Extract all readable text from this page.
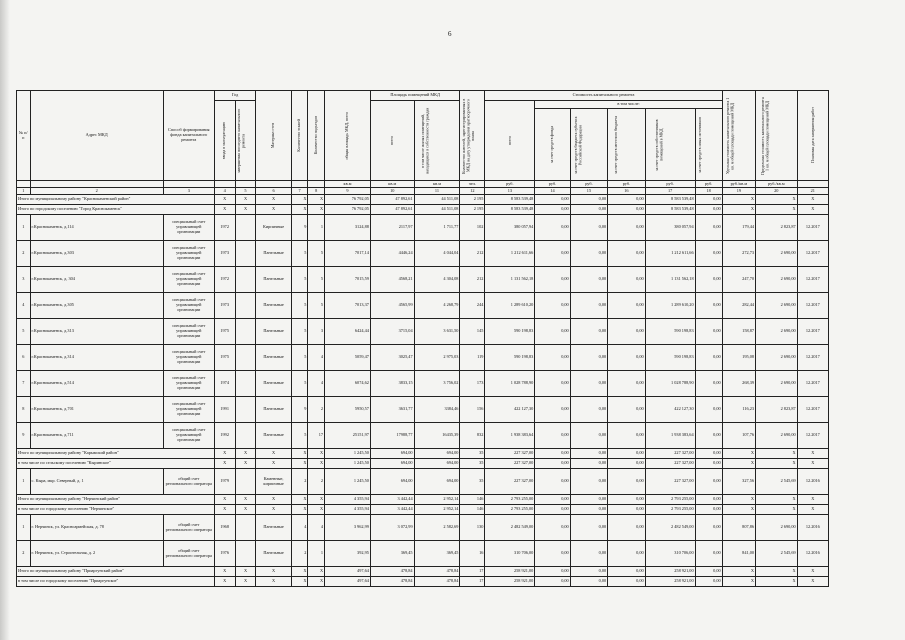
6
№ п/п	Адрес МКД	Способ формирования фонда капитального ремонта	Год		Материал стен	Количество этажей	Количество подъездов	общая площадь МКД, всего	Площадь помещений МКД		Количество жителей, зарегистрированных в МКД на дату утверждения краткосрочного плана	Стоимость капитального ремонта						Удельная стоимость капитального ремонта 1 кв. м общей площади помещений МКД	Предельная стоимость капитального ремонта 1 кв. м общей площади помещений МКД	Плановая дата завершения работ

			ввода в эксплуатацию	завершения последнего капитального ремонта					всего	в том числе жилых помещений, находящихся в собственности граждан		всего	в том числе:							

													за счет средств фонда	за счет средств бюджета субъекта Российской Федерации	за счет средств местного бюджета	за счет средств собственников помещений в МКД	за счет средств иных источников			

								кв.м	кв.м	кв.м	чел.	руб.	руб.	руб.	руб.	руб.	руб.	руб./кв.м	руб./кв.м	
1	2	3	4	5	6	7	8	9	10	11	12	13	14	15	16	17	18	19	20	21
Итого по муниципальному району "Краснокаменский район"			X	X	X	X	X	76 792,05	47 892,61	44 511,08	2 195	8 583 539,48	0,00	0,00	0,00	8 583 539,48	0,00	X	X	X
Итого по городскому поселению "Город Краснокаменск"			X	X	X	X	X	76 792,05	47 892,61	44 511,08	2 195	8 583 539,48	0,00	0,00	0,00	8 583 539,48	0,00	X	X	X
1	г.Краснокаменск, д.114	специальный счет управляющей организации	1972		Кирпичные	9	1	3124,88	2117,97	1 711,77	102	380 057,94	0,00	0,00	0,00	380 057,94	0,00	179,44	2 823,87	12.2017
2	г.Краснокаменск, д.303	специальный счет управляющей организации	1973		Панельные	5	5	7017,14	4446,24	4 044,04	212	1 212 611,66	0,00	0,00	0,00	1 212 611,66	0,00	272,73	2 690,00	12.2017
3	г.Краснокаменск, д. 304	специальный счет управляющей организации	1972		Панельные	5	5	7015,59	4568,21	4 304,08	212	1 131 562,18	0,00	0,00	0,00	1 131 562,18	0,00	247,70	2 690,00	12.2017
4	г.Краснокаменск, д.305	специальный счет управляющей организации	1973		Панельные	5	5	7013,37	4565,99	4 268,79	244	1 289 610,20	0,00	0,00	0,00	1 289 610,20	0,00	282,44	2 690,00	12.2017
5	г.Краснокаменск, д.313	специальный счет управляющей организации	1975		Панельные	5	3	6424,44	3715,04	3 631,50	145	590 198,83	0,00	0,00	0,00	590 198,83	0,00	158,87	2 690,00	12.2017
6	г.Краснокаменск, д.314	специальный счет управляющей организации	1975		Панельные	5	4	5059,47	3025,47	2 975,03	119	590 198,83	0,00	0,00	0,00	590 198,83	0,00	195,08	2 690,00	12.2017
7	г.Краснокаменск, д.514	специальный счет управляющей организации	1974		Панельные	5	4	6074,62	3833,15	3 756,02	173	1 028 788,90	0,00	0,00	0,00	1 028 788,90	0,00	268,39	2 690,00	12.2017
8	г.Краснокаменск, д.701	специальный счет управляющей организации	1991		Панельные	9	2	5950,57	3631,77	3384,46	156	422 127,30	0,00	0,00	0,00	422 127,30	0,00	116,23	2 823,87	12.2017
9	г.Краснокаменск, д.711	специальный счет управляющей организации	1992		Панельные	5	17	25151,97	17988,77	16435,39	832	1 938 383,64	0,00	0,00	0,00	1 938 383,64	0,00	107,76	2 690,00	12.2017
Итого по муниципальному району "Карымский район"			X	X	X	X	X	1 245,50	694,00	694,00	35	227 327,00	0,00	0,00	0,00	227 327,00	0,00	X	X	X
в том числе по сельскому поселению "Кыринское"			X	X	X	X	X	1 245,50	694,00	694,00	35	227 327,00	0,00	0,00	0,00	227 327,00	0,00	X	X	X
1	с. Кыра, мкр. Северный, д. 1	общий счет регионального оператора	1979		Каменные, кирпичные	2	2	1 245,50	694,00	694,00	35	227 327,00	0,00	0,00	0,00	227 327,00	0,00	327,56	2 545,69	12.2016
Итого по муниципальному району "Нерчинский район"			X	X	X	X	X	4 355,94	3 442,44	2 952,14	146	2 793 255,00	0,00	0,00	0,00	2 793 255,00	0,00	X	X	X
в том числе по городскому поселению "Нерчинское"			X	X	X	X	X	4 355,94	3 442,44	2 952,14	146	2 793 255,00	0,00	0,00	0,00	2 793 255,00	0,00	X	X	X
1	г. Нерчинск, ул. Красноармейская, д. 78	общий счет регионального оператора	1968		Панельные	4	4	3 962,99	3 072,99	2 582,69	130	2 482 549,00	0,00	0,00	0,00	2 482 549,00	0,00	807,86	2 690,00	12.2016
2	г. Нерчинск, ул. Строительная, д. 2	общий счет регионального оператора	1976		Панельные	2	1	392,95	369,45	369,45	16	310 706,00	0,00	0,00	0,00	310 706,00	0,00	841,00	2 545,69	12.2016
Итого по муниципальному району "Приаргунский район"			X	X	X	X	X	497,64	478,84	478,84	17	258 921,00	0,00	0,00	0,00	258 921,00	0,00	X	X	X
в том числе по городскому поселению "Приаргунское"			X	X	X	X	X	497,64	478,84	478,84	17	258 921,00	0,00	0,00	0,00	258 921,00	0,00	X	X	X
